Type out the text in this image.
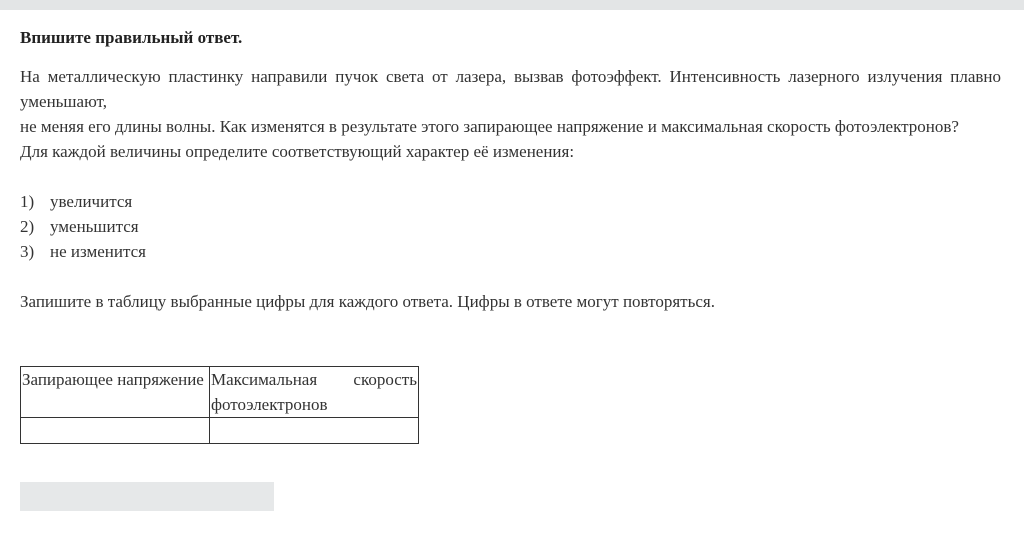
Впишите правильный ответ.

На металлическую пластинку направили пучок света от лазера, вызвав фотоэффект. Интенсивность лазерного излучения плавно уменьшают,

не меняя его длины волны. Как изменятся в результате этого запирающее напряжение и максимальная скорость фотоэлектронов?

Для каждой величины определите соответствующий характер её изменения:

1) увеличится
2) уменьшится
3) не изменится

Запишите в таблицу выбранные цифры для каждого ответа. Цифры в ответе могут повторяться.

Запирающее напряжение	Максимальная скорость фотоэлектронов
